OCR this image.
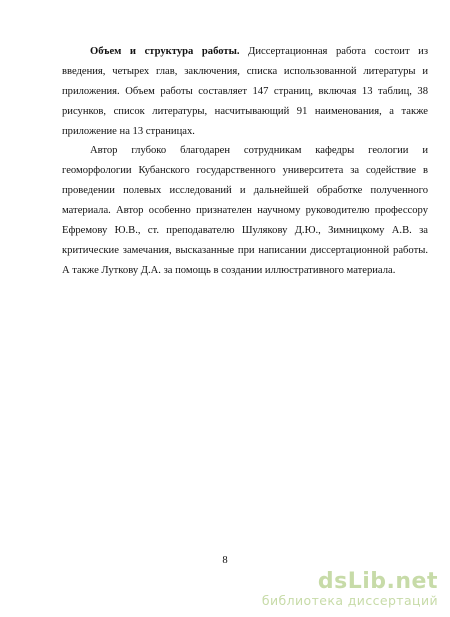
Объем и структура работы. Диссертационная работа состоит из
введения, четырех глав, заключения, списка использованной литературы и
приложения. Объем работы составляет 147 страниц, включая 13 таблиц, 38
рисунков, список литературы, насчитывающий 91 наименования, а также
приложение на 13 страницах.
Автор глубоко благодарен сотрудникам кафедры геологии и
геоморфологии Кубанского государственного университета за содействие в
проведении полевых исследований и дальнейшей обработке полученного
материала. Автор особенно признателен научному руководителю профессору
Ефремову Ю.В., ст. преподавателю Шулякову Д.Ю., Зимницкому А.В. за
критические замечания, высказанные при написании диссертационной работы.
А также Луткову Д.А. за помощь в создании иллюстративного материала.
8
dsLib.net
библиотека диссертаций
